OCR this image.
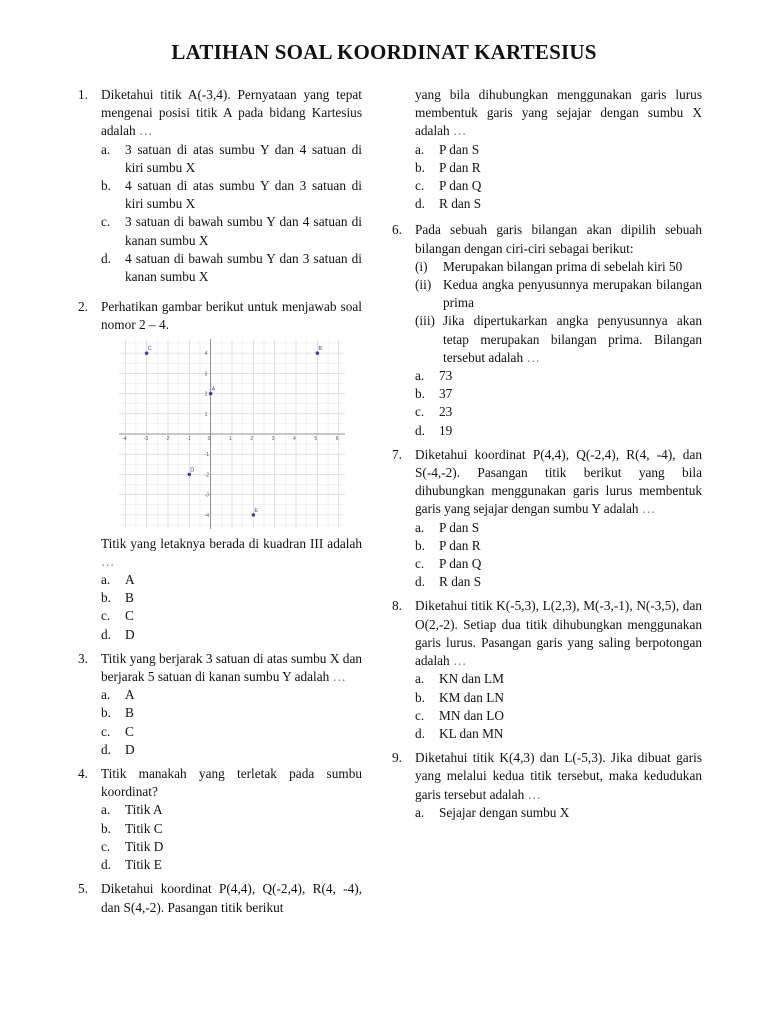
LATIHAN SOAL KOORDINAT KARTESIUS
1. Diketahui titik A(-3,4). Pernyataan yang tepat mengenai posisi titik A pada bidang Kartesius adalah …
a. 3 satuan di atas sumbu Y dan 4 satuan di kiri sumbu X
b. 4 satuan di atas sumbu Y dan 3 satuan di kiri sumbu X
c. 3 satuan di bawah sumbu Y dan 4 satuan di kanan sumbu X
d. 4 satuan di bawah sumbu Y dan 3 satuan di kanan sumbu X
2. Perhatikan gambar berikut untuk menjawab soal nomor 2 – 4.
-4	-3	-2	-1	0	1	2	3	4	5	6
4
3
2
1
-1
-2
-3
-4
C	B
A
D
E
Titik yang letaknya berada di kuadran III adalah …
a. A
b. B
c. C
d. D
3. Titik yang berjarak 3 satuan di atas sumbu X dan berjarak 5 satuan di kanan sumbu Y adalah …
a. A
b. B
c. C
d. D
4. Titik manakah yang terletak pada sumbu koordinat?
a. Titik A
b. Titik C
c. Titik D
d. Titik E
5. Diketahui koordinat P(4,4), Q(-2,4), R(4, -4), dan S(4,-2). Pasangan titik berikut
yang bila dihubungkan menggunakan garis lurus membentuk garis yang sejajar dengan sumbu X adalah …
a. P dan S
b. P dan R
c. P dan Q
d. R dan S
6. Pada sebuah garis bilangan akan dipilih sebuah bilangan dengan ciri-ciri sebagai berikut:
(i) Merupakan bilangan prima di sebelah kiri 50
(ii) Kedua angka penyusunnya merupakan bilangan prima
(iii) Jika dipertukarkan angka penyusunnya akan tetap merupakan bilangan prima. Bilangan tersebut adalah …
a. 73
b. 37
c. 23
d. 19
7. Diketahui koordinat P(4,4), Q(-2,4), R(4, -4), dan S(-4,-2). Pasangan titik berikut yang bila dihubungkan menggunakan garis lurus membentuk garis yang sejajar dengan sumbu Y adalah …
a. P dan S
b. P dan R
c. P dan Q
d. R dan S
8. Diketahui titik K(-5,3), L(2,3), M(-3,-1), N(-3,5), dan O(2,-2). Setiap dua titik dihubungkan menggunakan garis lurus. Pasangan garis yang saling berpotongan adalah …
a. KN dan LM
b. KM dan LN
c. MN dan LO
d. KL dan MN
9. Diketahui titik K(4,3) dan L(-5,3). Jika dibuat garis yang melalui kedua titik tersebut, maka kedudukan garis tersebut adalah …
a. Sejajar dengan sumbu X
